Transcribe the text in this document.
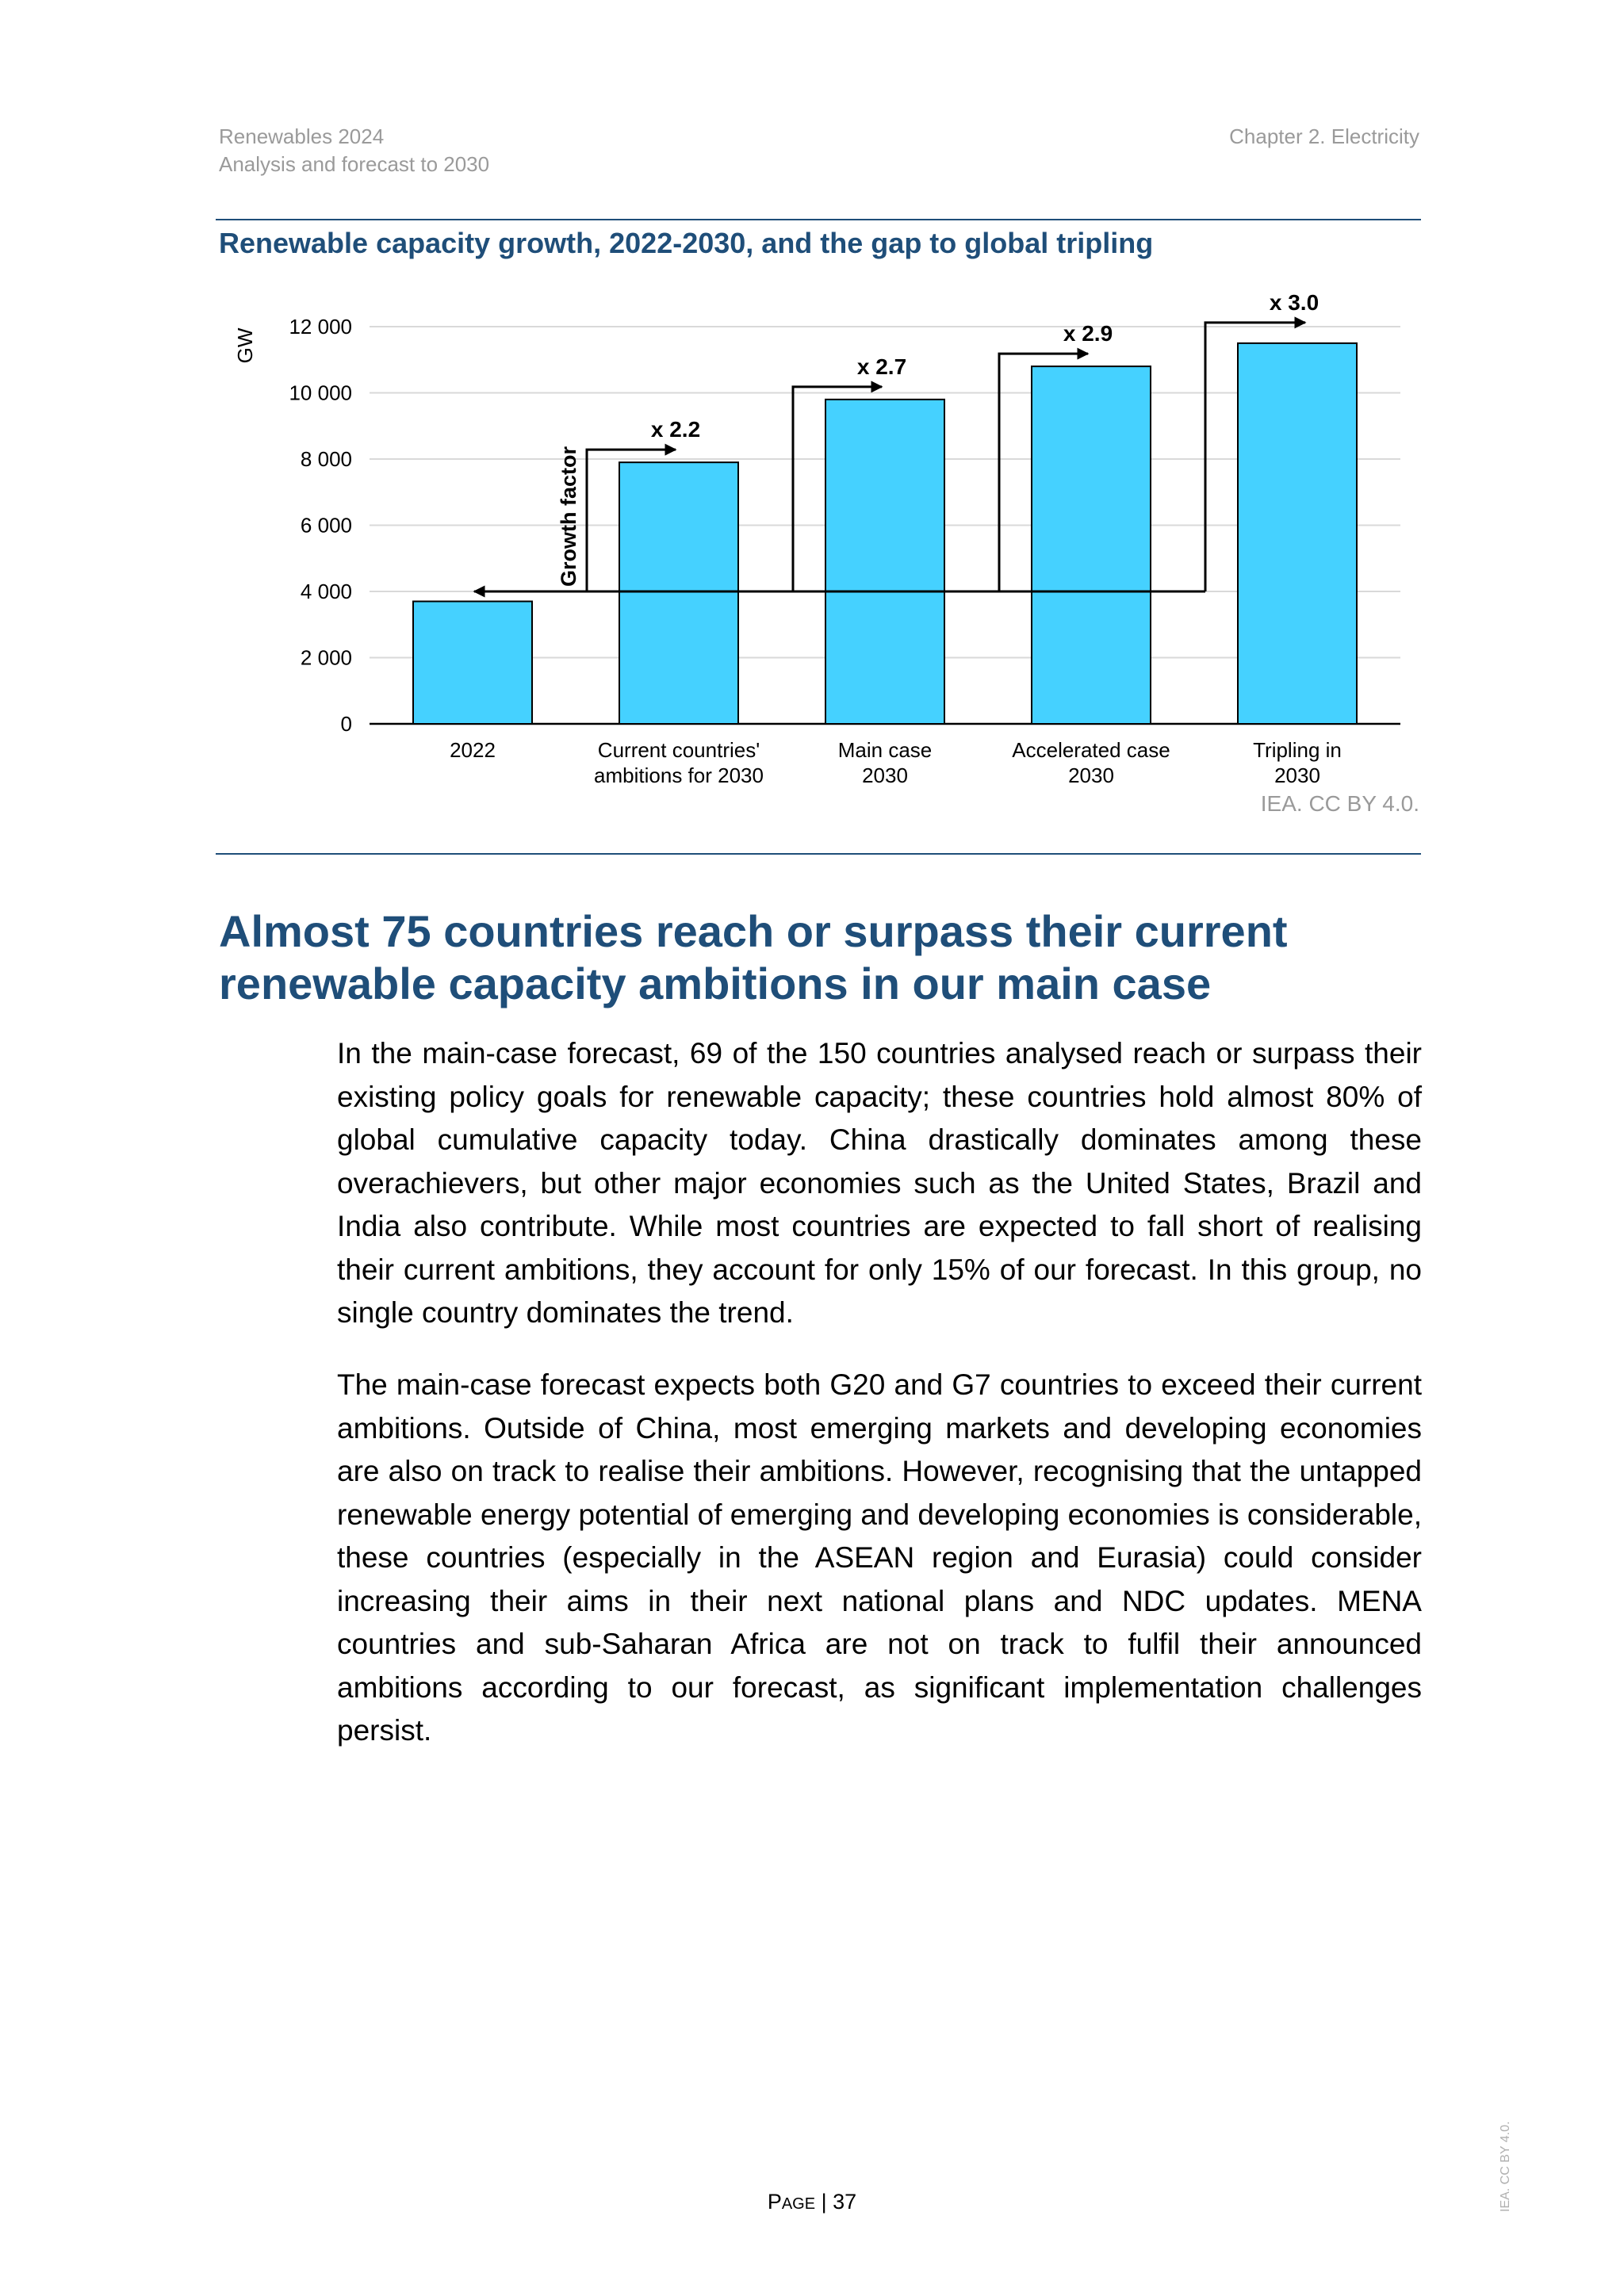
Renewables 2024
Analysis and forecast to 2030
Chapter 2. Electricity
Renewable capacity growth, 2022-2030, and the gap to global tripling
0
2 000
4 000
6 000
8 000
10 000
12 000
GW
2022	Current countries'
ambitions for 2030
Main case
2030
Accelerated case
2030
Tripling in
2030
x 2.2
x 2.7
x 2.9
x 3.0
Growth factor
IEA. CC BY 4.0.
Almost 75 countries reach or surpass their current renewable capacity ambitions in our main case

In the main-case forecast, 69 of the 150 countries analysed reach or surpass their existing policy goals for renewable capacity; these countries hold almost 80% of global cumulative capacity today. China drastically dominates among these overachievers, but other major economies such as the United States, Brazil and India also contribute. While most countries are expected to fall short of realising their current ambitions, they account for only 15% of our forecast. In this group, no single country dominates the trend.

The main-case forecast expects both G20 and G7 countries to exceed their current ambitions. Outside of China, most emerging markets and developing economies are also on track to realise their ambitions. However, recognising that the untapped renewable energy potential of emerging and developing economies is considerable, these countries (especially in the ASEAN region and Eurasia) could consider increasing their aims in their next national plans and NDC updates. MENA countries and sub-Saharan Africa are not on track to fulfil their announced ambitions according to our forecast, as significant implementation challenges persist.

PAGE | 37	IEA. CC BY 4.0.
